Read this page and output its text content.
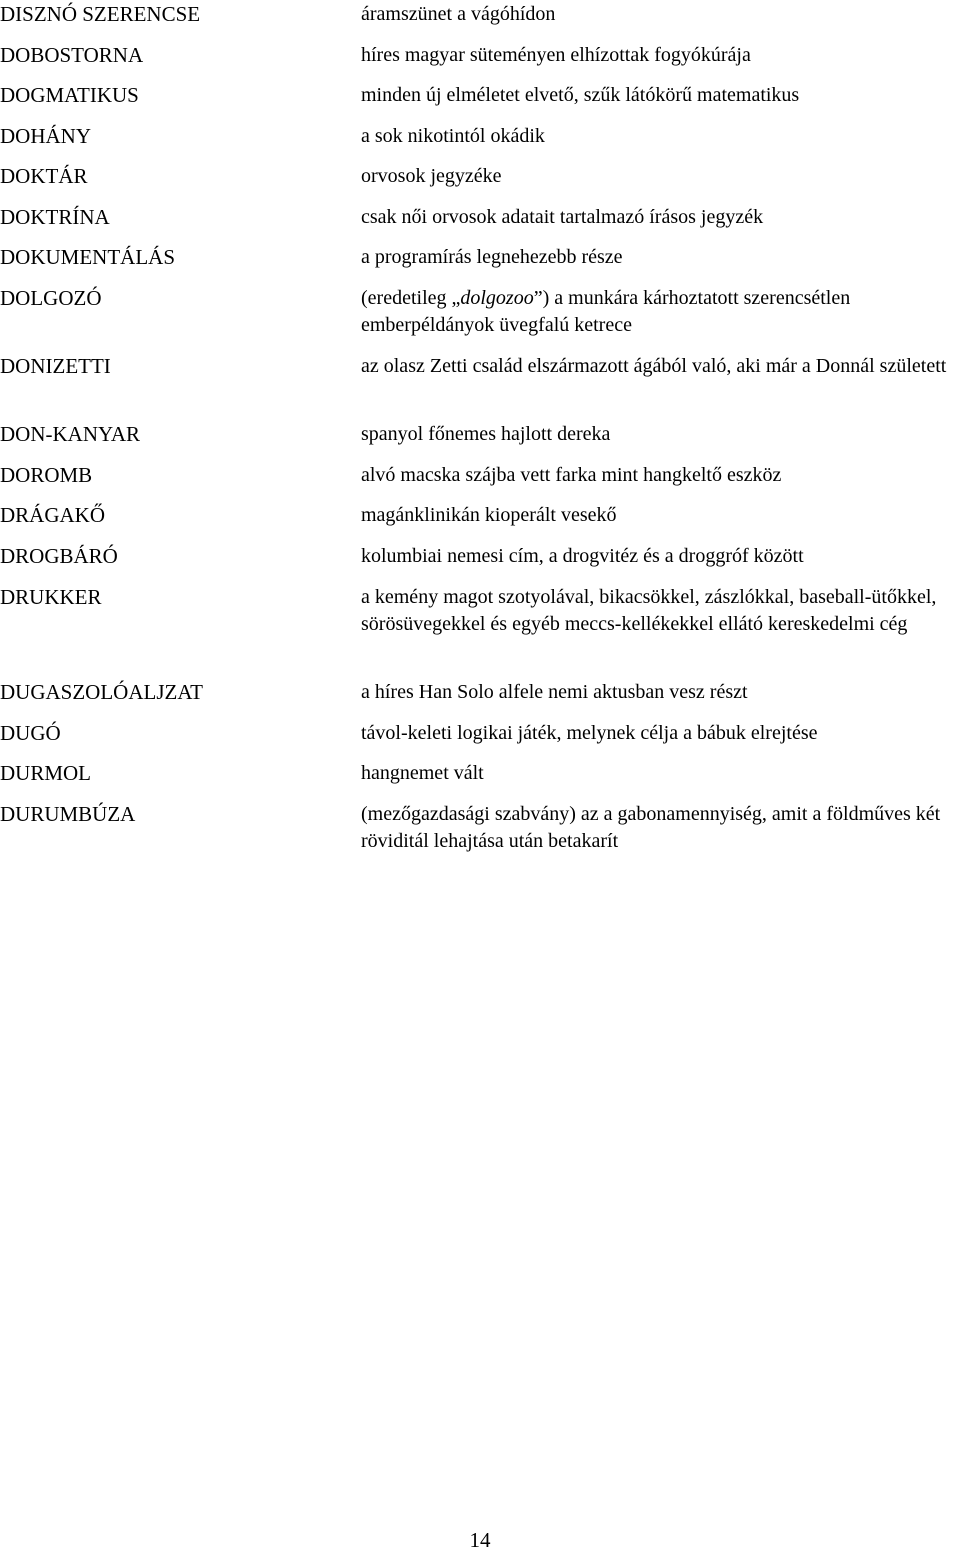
DISZNÓ SZERENCSE	áramszünet a vágóhídon
DOBOSTORNA	híres magyar süteményen elhízottak fogyókúrája
DOGMATIKUS	minden új elméletet elvető, szűk látókörű matematikus
DOHÁNY	a sok nikotintól okádik
DOKTÁR	orvosok jegyzéke
DOKTRÍNA	csak női orvosok adatait tartalmazó írásos jegyzék
DOKUMENTÁLÁS	a programírás legnehezebb része
DOLGOZÓ	(eredetileg „dolgozoo”) a munkára kárhoztatott szerencsétlen emberpéldányok üvegfalú ketrece
DONIZETTI	az olasz Zetti család elszármazott ágából való, aki már a Donnál született
DON-KANYAR	spanyol főnemes hajlott dereka
DOROMB	alvó macska szájba vett farka mint hangkeltő eszköz
DRÁGAKŐ	magánklinikán kioperált vesekő
DROGBÁRÓ	kolumbiai nemesi cím, a drogvitéz és a droggróf között
DRUKKER	a kemény magot szotyolával, bikacsökkel, zászlókkal, baseball-ütőkkel, sörösüvegekkel és egyéb meccs-kellékekkel ellátó kereskedelmi cég
DUGASZOLÓALJZAT	a híres Han Solo alfele nemi aktusban vesz részt
DUGÓ	távol-keleti logikai játék, melynek célja a bábuk elrejtése
DURMOL	hangnemet vált
DURUMBÚZA	(mezőgazdasági szabvány) az a gabonamennyiség, amit a földműves két röviditál lehajtása után betakarít
14
